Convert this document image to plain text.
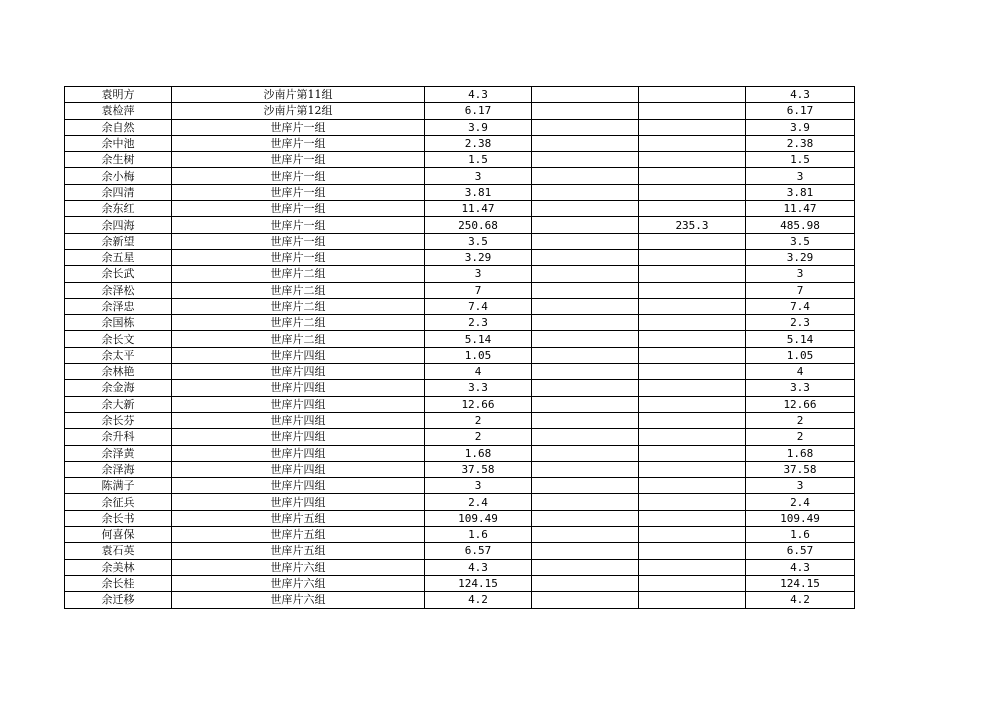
袁明方	沙南片第11组	4.3			4.3
袁检萍	沙南片第12组	6.17			6.17
余自然	世庠片一组	3.9			3.9
余中池	世庠片一组	2.38			2.38
余生树	世庠片一组	1.5			1.5
余小梅	世庠片一组	3			3
余四清	世庠片一组	3.81			3.81
余东红	世庠片一组	11.47			11.47
余四海	世庠片一组	250.68		235.3	485.98
余新望	世庠片一组	3.5			3.5
余五星	世庠片一组	3.29			3.29
余长武	世庠片二组	3			3
余泽松	世庠片二组	7			7
余泽忠	世庠片二组	7.4			7.4
余国栋	世庠片二组	2.3			2.3
余长文	世庠片二组	5.14			5.14
余太平	世庠片四组	1.05			1.05
余林艳	世庠片四组	4			4
余金海	世庠片四组	3.3			3.3
余大新	世庠片四组	12.66			12.66
余长芬	世庠片四组	2			2
余升科	世庠片四组	2			2
余泽黄	世庠片四组	1.68			1.68
余泽海	世庠片四组	37.58			37.58
陈满子	世庠片四组	3			3
余征兵	世庠片四组	2.4			2.4
余长书	世庠片五组	109.49			109.49
何喜保	世庠片五组	1.6			1.6
袁石英	世庠片五组	6.57			6.57
余美林	世庠片六组	4.3			4.3
余长桂	世庠片六组	124.15			124.15
余迁移	世庠片六组	4.2			4.2
